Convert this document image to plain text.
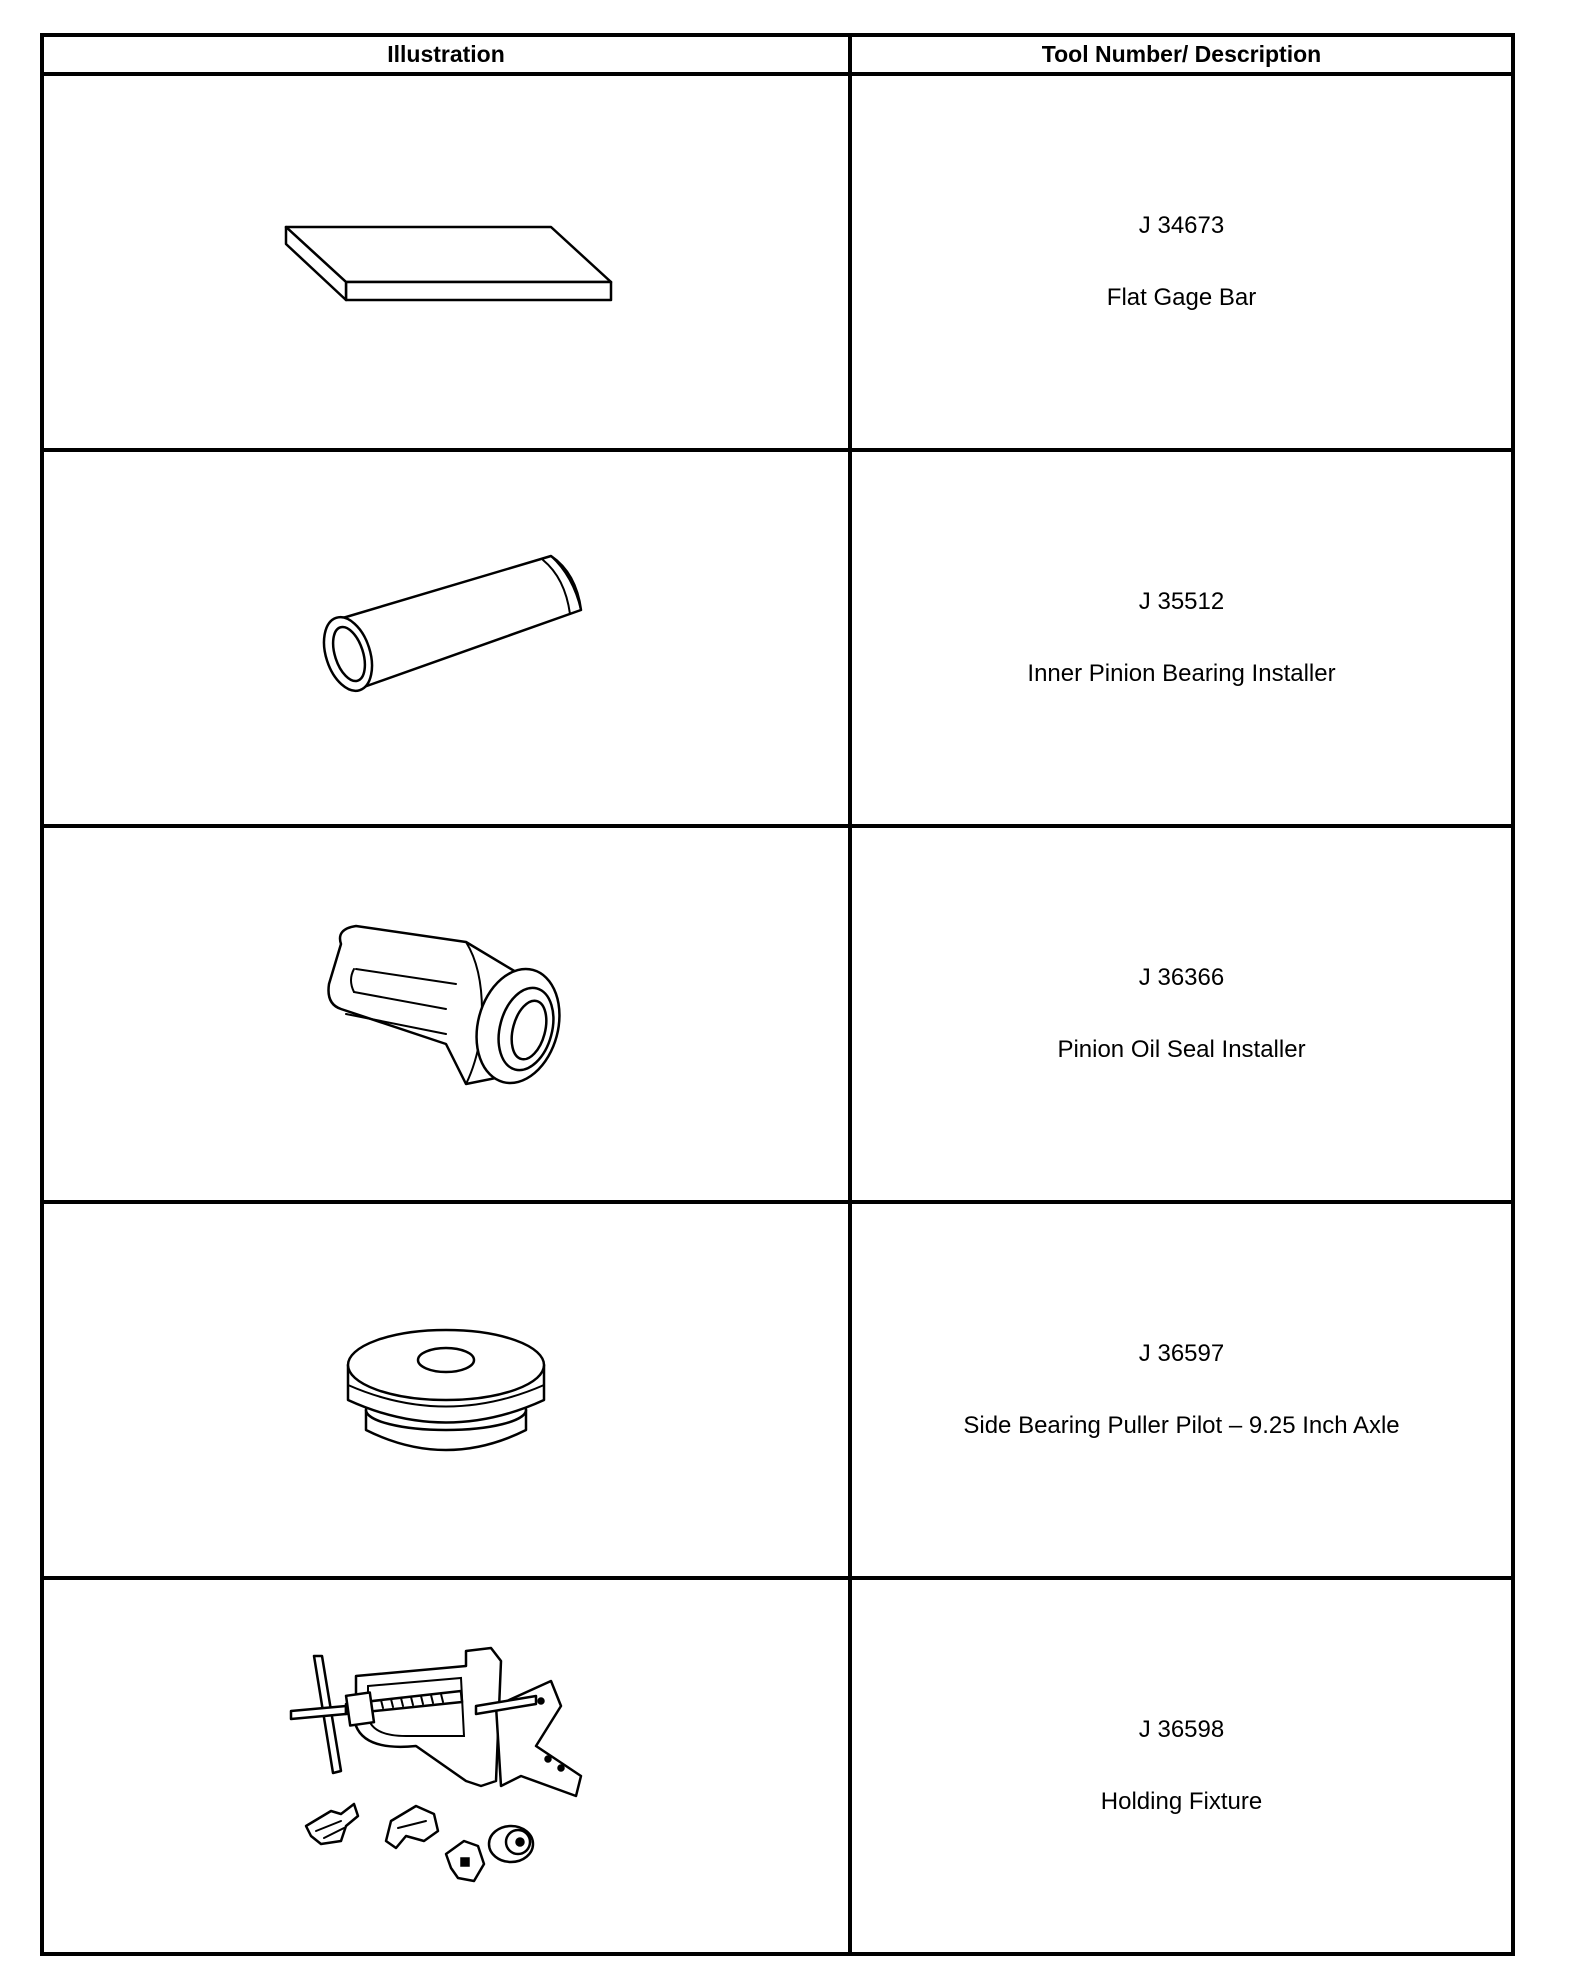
Illustration	Tool Number/ Description

J 34673
Flat Gage Bar

J 35512
Inner Pinion Bearing Installer

J 36366
Pinion Oil Seal Installer

J 36597
Side Bearing Puller Pilot – 9.25 Inch Axle

J 36598
Holding Fixture
